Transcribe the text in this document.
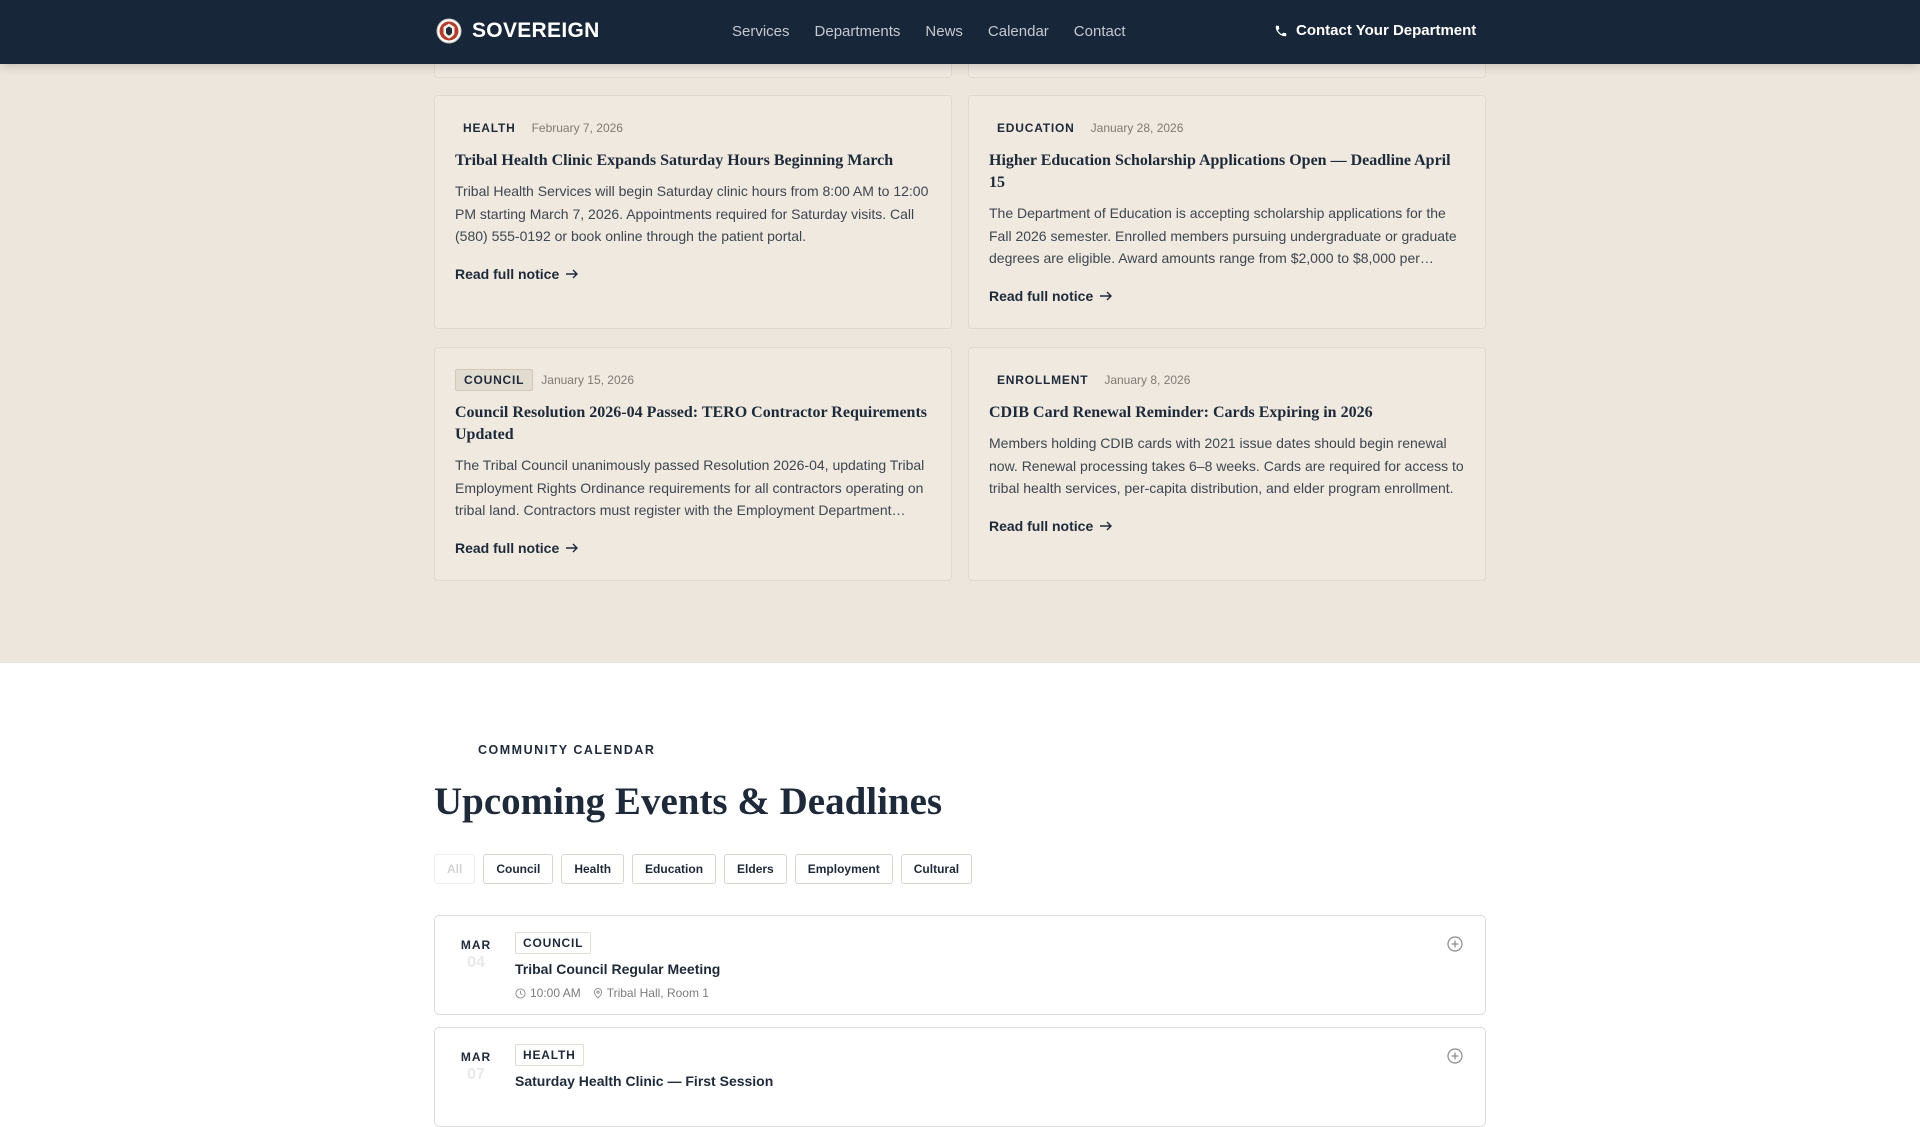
HEALTH	February 7, 2026
Tribal Health Clinic Expands Saturday Hours Beginning March

Tribal Health Services will begin Saturday clinic hours from 8:00 AM to 12:00 PM starting March 7, 2026. Appointments required for Saturday visits. Call (580) 555-0192 or book online through the patient portal.

Read full notice
EDUCATION	January 28, 2026
Higher Education Scholarship Applications Open — Deadline April 15

The Department of Education is accepting scholarship applications for the Fall 2026 semester. Enrolled members pursuing undergraduate or graduate degrees are eligible. Award amounts range from $2,000 to $8,000 per…

Read full notice
COUNCIL	January 15, 2026
Council Resolution 2026-04 Passed: TERO Contractor Requirements Updated

The Tribal Council unanimously passed Resolution 2026-04, updating Tribal Employment Rights Ordinance requirements for all contractors operating on tribal land. Contractors must register with the Employment Department…

Read full notice
ENROLLMENT	January 8, 2026
CDIB Card Renewal Reminder: Cards Expiring in 2026

Members holding CDIB cards with 2021 issue dates should begin renewal now. Renewal processing takes 6–8 weeks. Cards are required for access to tribal health services, per-capita distribution, and elder program enrollment.

Read full notice
COMMUNITY CALENDAR
Upcoming Events & Deadlines
All	Council	Health	Education	Elders	Employment	Cultural
MAR
04
COUNCIL
Tribal Council Regular Meeting
10:00 AM Tribal Hall, Room 1
MAR
07
HEALTH
Saturday Health Clinic — First Session
SOVEREIGN	Services Departments News Calendar Contact	Contact Your Department
